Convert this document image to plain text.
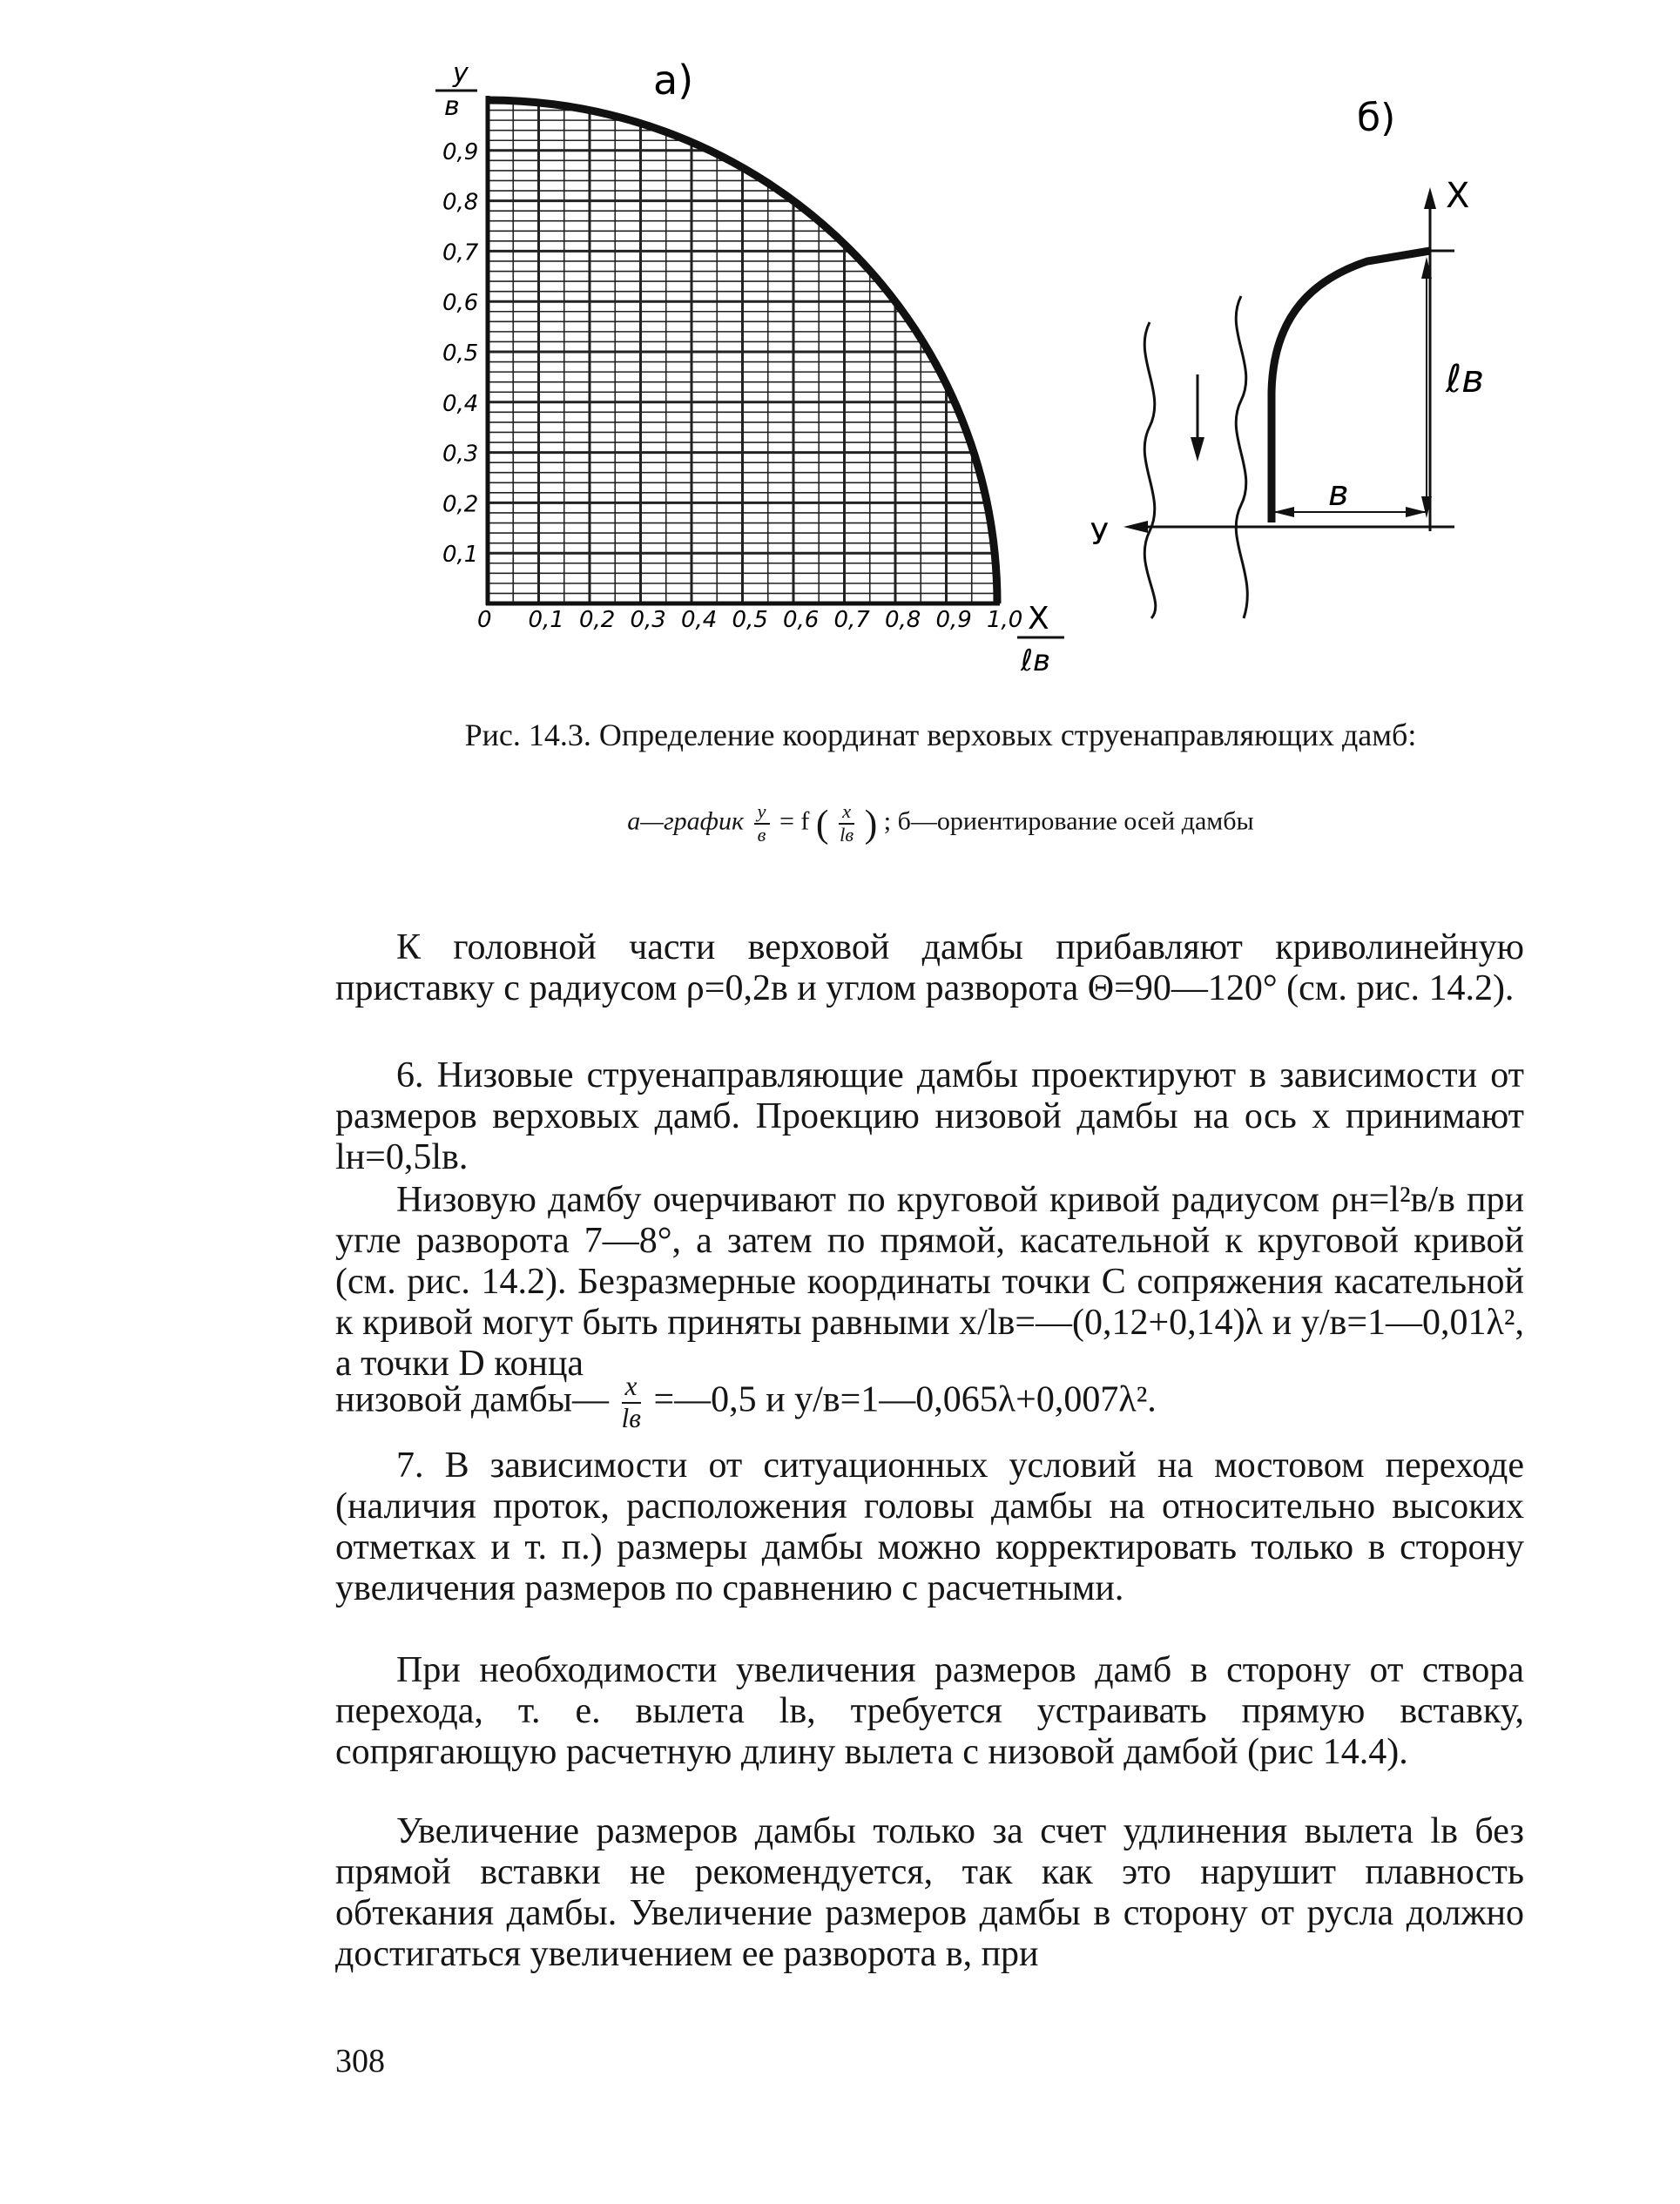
y
в
а)
0,9
0,8
0,7
0,6
0,5
0,4
0,3
0,2
0,1
0 0,1 0,2 0,3 0,4 0,5 0,6 0,7 0,8 0,9 1,0 X
ℓв
б)
X
У
ℓв
в
Рис. 14.3. Определение координат верховых струенаправляющих дамб:
а—график $\frac{у}{в} = f$ ( $\frac{x}{lв}$ ) ; б—ориентирование осей дамбы

К головной части верховой дамбы прибавляют криволинейную приставку с радиусом ρ=0,2в и углом разворота Θ=90—120° (см. рис. 14.2).

6. Низовые струенаправляющие дамбы проектируют в зависимости от размеров верховых дамб. Проекцию низовой дамбы на ось x принимают lн=0,5lв.

Низовую дамбу очерчивают по круговой кривой радиусом ρн=l²в/в при угле разворота 7—8°, а затем по прямой, касательной к круговой кривой (см. рис. 14.2). Безразмерные координаты точки C сопряжения касательной к кривой могут быть приняты равными x/lв=—(0,12+0,14)λ и y/в=1—0,01λ², а точки D конца

низовой дамбы— $\frac{x}{lв}$ =—0,5 и y/в=1—0,065λ+0,007λ².

7. В зависимости от ситуационных условий на мостовом переходе (наличия проток, расположения головы дамбы на относительно высоких отметках и т. п.) размеры дамбы можно корректировать только в сторону увеличения размеров по сравнению с расчетными.

При необходимости увеличения размеров дамб в сторону от створа перехода, т. е. вылета lв, требуется устраивать прямую вставку, сопрягающую расчетную длину вылета с низовой дамбой (рис 14.4).

Увеличение размеров дамбы только за счет удлинения вылета lв без прямой вставки не рекомендуется, так как это нарушит плавность обтекания дамбы. Увеличение размеров дамбы в сторону от русла должно достигаться увеличением ее разворота в, при

308
